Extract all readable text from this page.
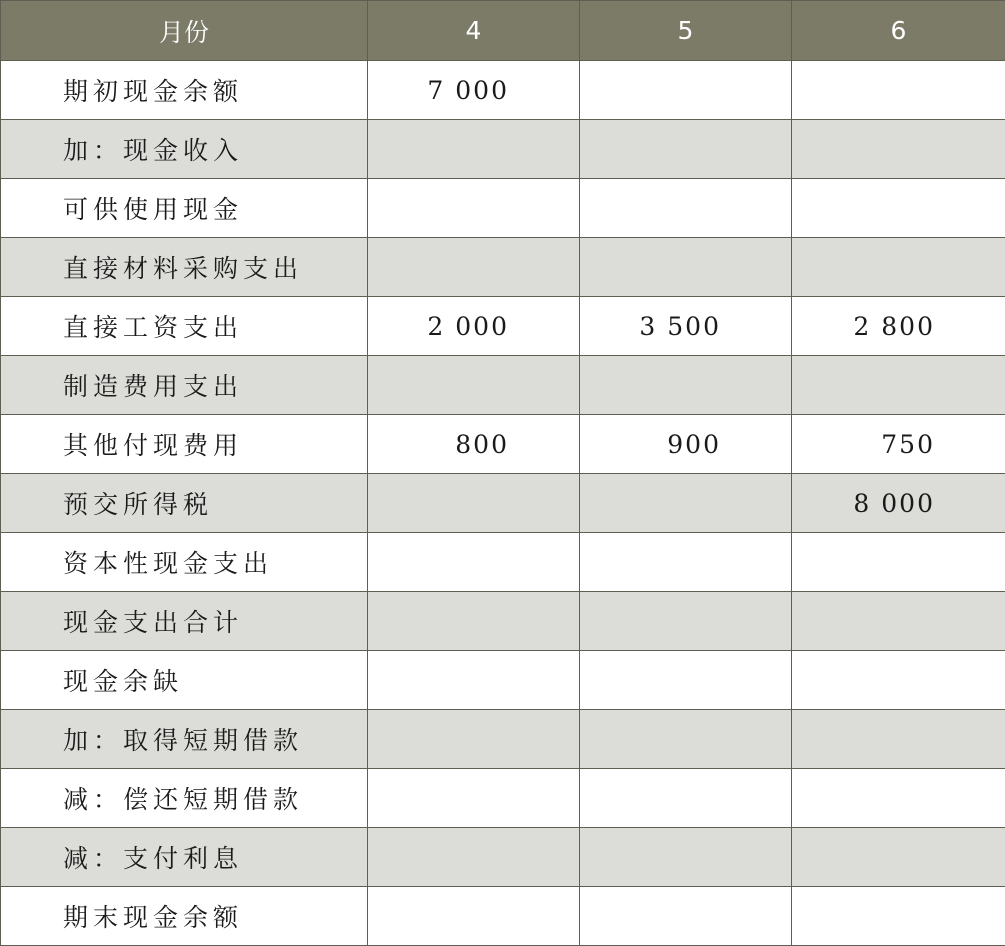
月份	4	5	6
期初现金余额	7 000		
加：现金收入			
可供使用现金			
直接材料采购支出			
直接工资支出	2 000	3 500	2 800
制造费用支出			
其他付现费用	800	900	750
预交所得税			8 000
资本性现金支出			
现金支出合计			
现金余缺			
加：取得短期借款			
减：偿还短期借款			
减：支付利息			
期末现金余额			
